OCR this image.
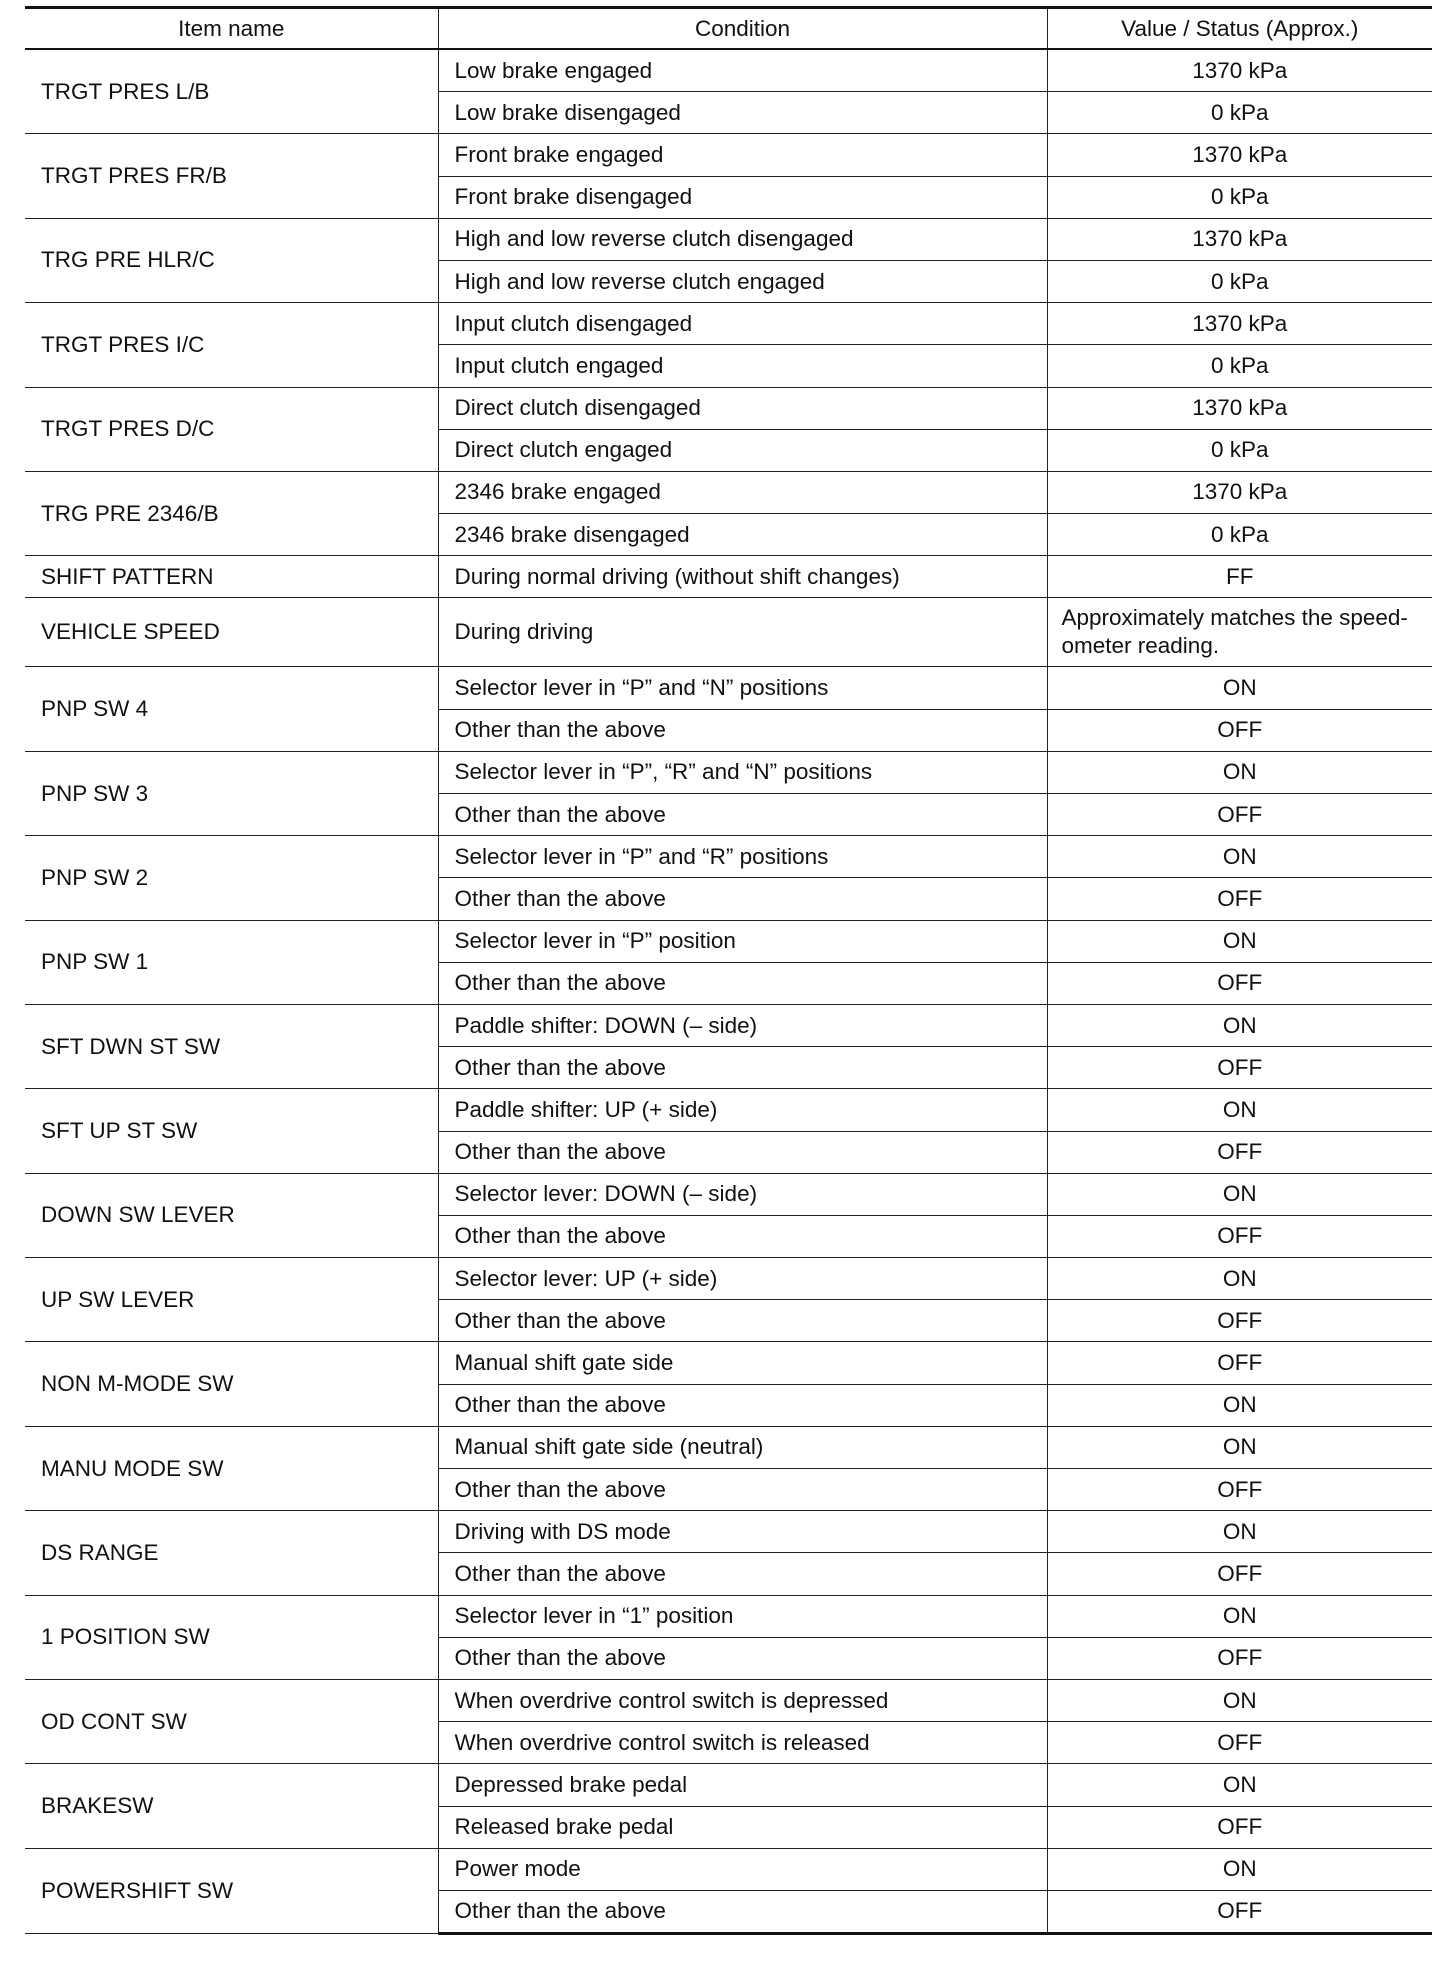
Item name	Condition	Value / Status (Approx.)
TRGT PRES L/B	Low brake engaged	1370 kPa
	Low brake disengaged	0 kPa
TRGT PRES FR/B	Front brake engaged	1370 kPa
	Front brake disengaged	0 kPa
TRG PRE HLR/C	High and low reverse clutch disengaged	1370 kPa
	High and low reverse clutch engaged	0 kPa
TRGT PRES I/C	Input clutch disengaged	1370 kPa
	Input clutch engaged	0 kPa
TRGT PRES D/C	Direct clutch disengaged	1370 kPa
	Direct clutch engaged	0 kPa
TRG PRE 2346/B	2346 brake engaged	1370 kPa
	2346 brake disengaged	0 kPa
SHIFT PATTERN	During normal driving (without shift changes)	FF
VEHICLE SPEED	During driving	Approximately matches the speed-ometer reading.
PNP SW 4	Selector lever in “P” and “N” positions	ON
	Other than the above	OFF
PNP SW 3	Selector lever in “P”, “R” and “N” positions	ON
	Other than the above	OFF
PNP SW 2	Selector lever in “P” and “R” positions	ON
	Other than the above	OFF
PNP SW 1	Selector lever in “P” position	ON
	Other than the above	OFF
SFT DWN ST SW	Paddle shifter: DOWN (– side)	ON
	Other than the above	OFF
SFT UP ST SW	Paddle shifter: UP (+ side)	ON
	Other than the above	OFF
DOWN SW LEVER	Selector lever: DOWN (– side)	ON
	Other than the above	OFF
UP SW LEVER	Selector lever: UP (+ side)	ON
	Other than the above	OFF
NON M-MODE SW	Manual shift gate side	OFF
	Other than the above	ON
MANU MODE SW	Manual shift gate side (neutral)	ON
	Other than the above	OFF
DS RANGE	Driving with DS mode	ON
	Other than the above	OFF
1 POSITION SW	Selector lever in “1” position	ON
	Other than the above	OFF
OD CONT SW	When overdrive control switch is depressed	ON
	When overdrive control switch is released	OFF
BRAKESW	Depressed brake pedal	ON
	Released brake pedal	OFF
POWERSHIFT SW	Power mode	ON
	Other than the above	OFF
